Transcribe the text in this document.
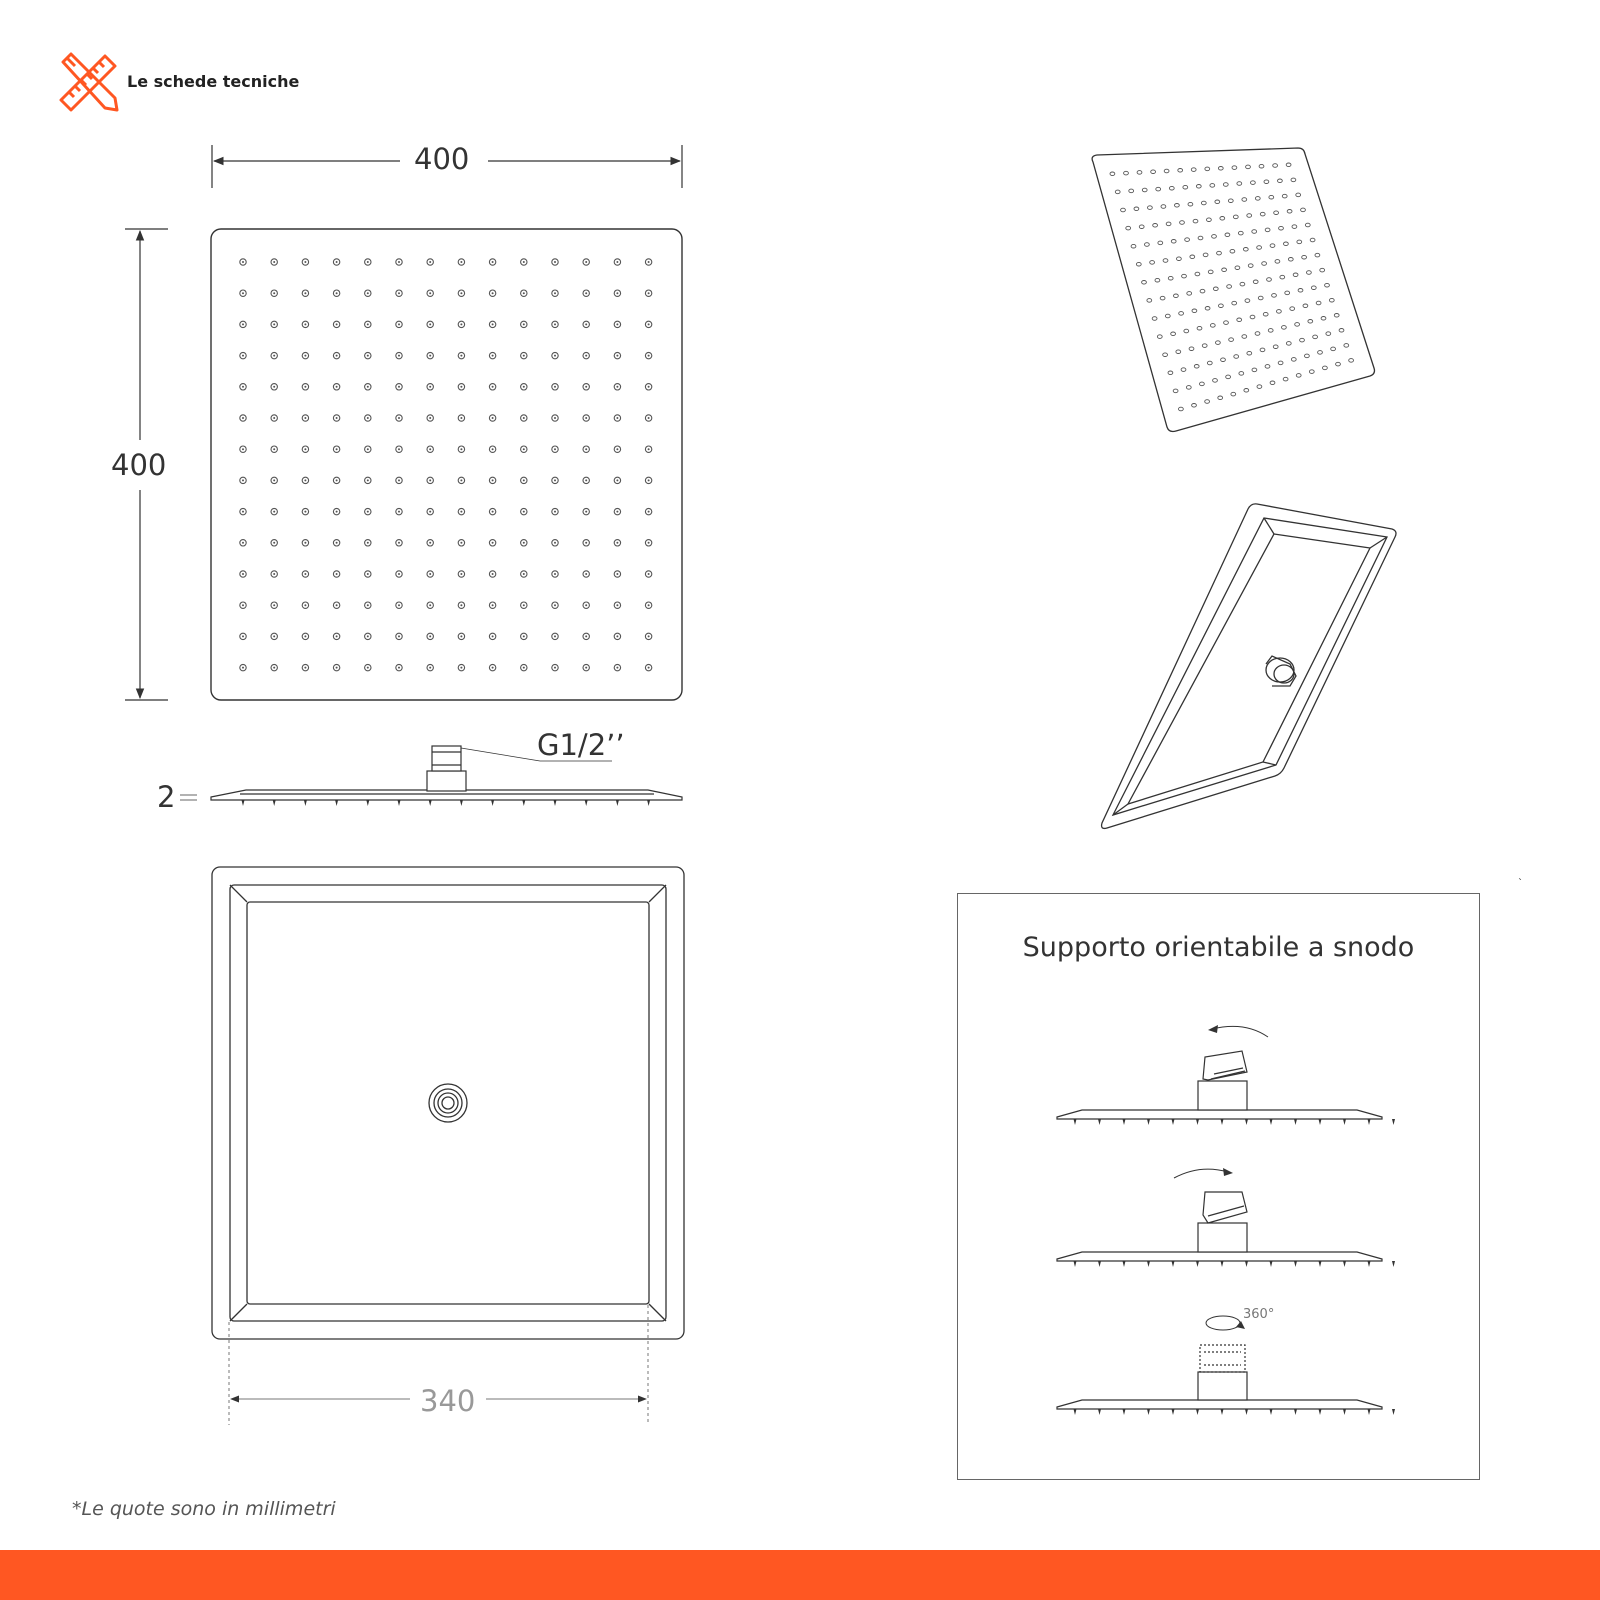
Le schede tecniche
`
400
400
2
G1/2’’
340
Supporto orientabile a snodo
360°
*Le quote sono in millimetri
